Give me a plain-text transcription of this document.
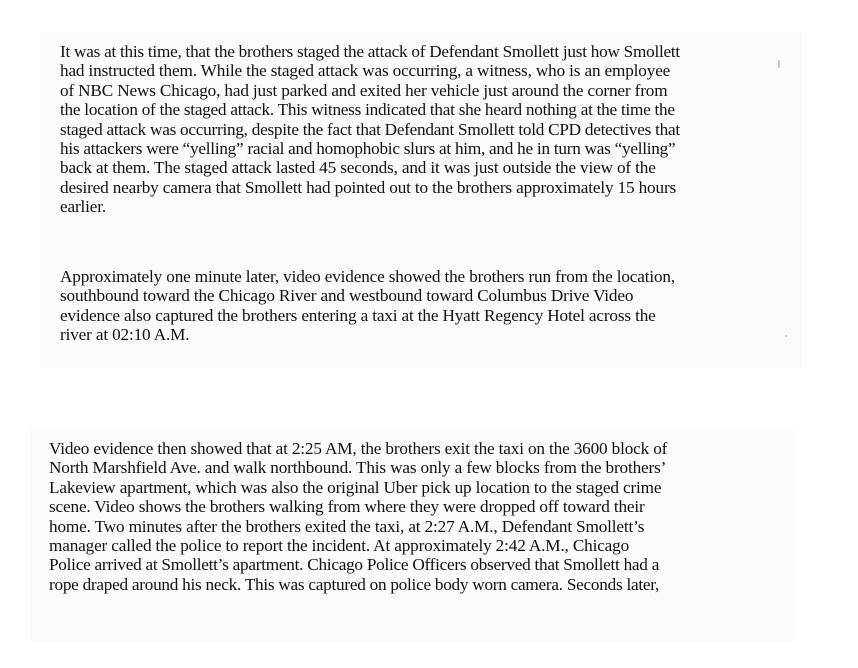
It was at this time, that the brothers staged the attack of Defendant Smollett just how Smollett
had instructed them. While the staged attack was occurring, a witness, who is an employee
of NBC News Chicago, had just parked and exited her vehicle just around the corner from
the location of the staged attack. This witness indicated that she heard nothing at the time the
staged attack was occurring, despite the fact that Defendant Smollett told CPD detectives that
his attackers were “yelling” racial and homophobic slurs at him, and he in turn was “yelling”
back at them. The staged attack lasted 45 seconds, and it was just outside the view of the
desired nearby camera that Smollett had pointed out to the brothers approximately 15 hours
earlier.
Approximately one minute later, video evidence showed the brothers run from the location,
southbound toward the Chicago River and westbound toward Columbus Drive Video
evidence also captured the brothers entering a taxi at the Hyatt Regency Hotel across the
river at 02:10 A.M.
Video evidence then showed that at 2:25 AM, the brothers exit the taxi on the 3600 block of
North Marshfield Ave. and walk northbound. This was only a few blocks from the brothers’
Lakeview apartment, which was also the original Uber pick up location to the staged crime
scene. Video shows the brothers walking from where they were dropped off toward their
home. Two minutes after the brothers exited the taxi, at 2:27 A.M., Defendant Smollett’s
manager called the police to report the incident. At approximately 2:42 A.M., Chicago
Police arrived at Smollett’s apartment. Chicago Police Officers observed that Smollett had a
rope draped around his neck. This was captured on police body worn camera. Seconds later,
